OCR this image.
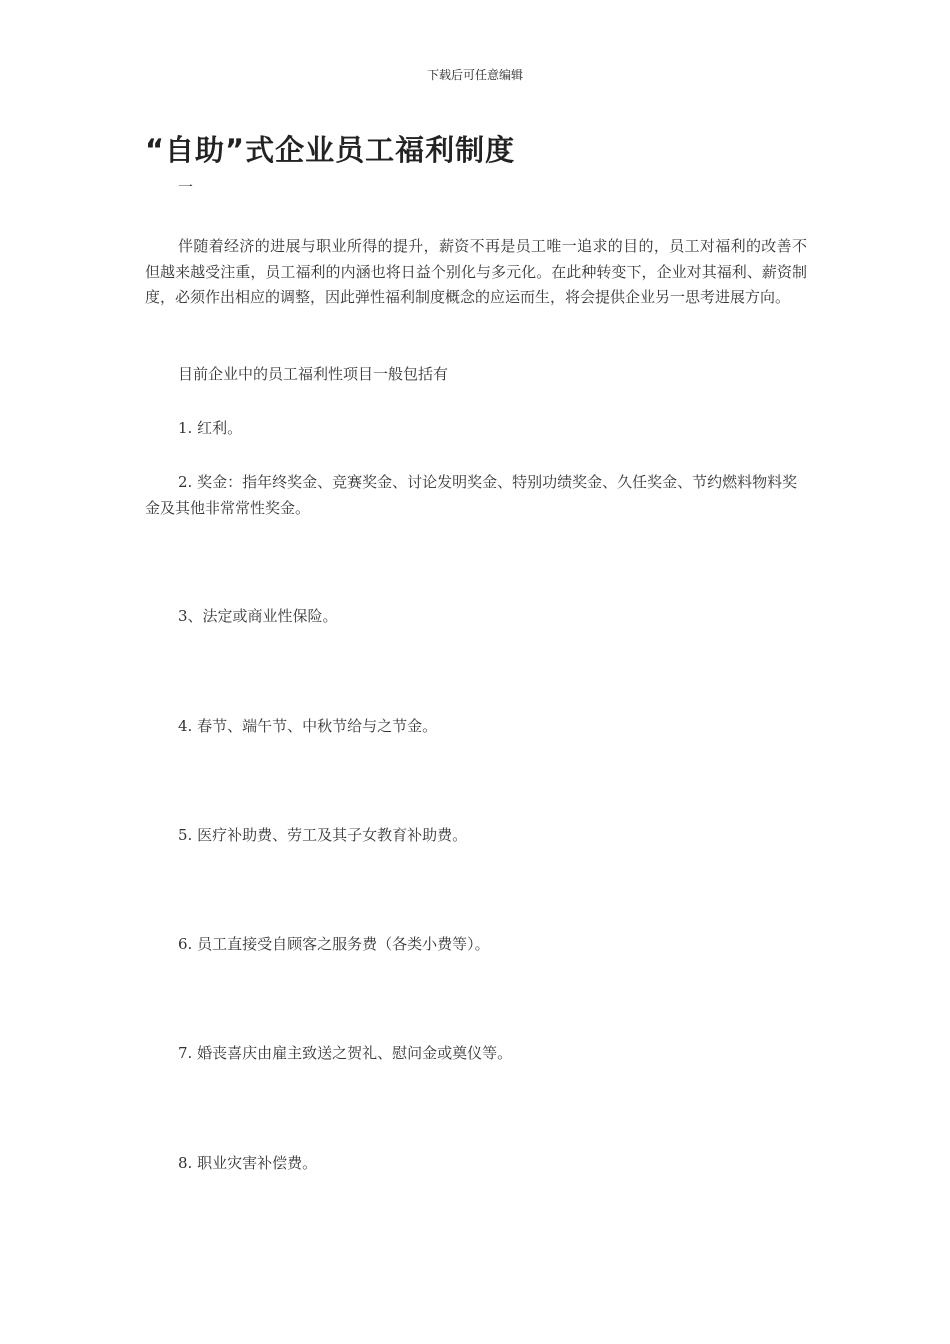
下载后可任意编辑
“自助”式企业员工福利制度
一

伴随着经济的进展与职业所得的提升，薪资不再是员工唯一追求的目的，员工对福利的改善不但越来越受注重，员工福利的内涵也将日益个别化与多元化。在此种转变下，企业对其福利、薪资制度，必须作出相应的调整，因此弹性福利制度概念的应运而生，将会提供企业另一思考进展方向。

目前企业中的员工福利性项目一般包括有

1. 红利。

2. 奖金：指年终奖金、竞赛奖金、讨论发明奖金、特别功绩奖金、久任奖金、节约燃料物料奖金及其他非常常性奖金。

3、法定或商业性保险。

4. 春节、端午节、中秋节给与之节金。

5. 医疗补助费、劳工及其子女教育补助费。

6. 员工直接受自顾客之服务费（各类小费等）。

7. 婚丧喜庆由雇主致送之贺礼、慰问金或奠仪等。

8. 职业灾害补偿费。
